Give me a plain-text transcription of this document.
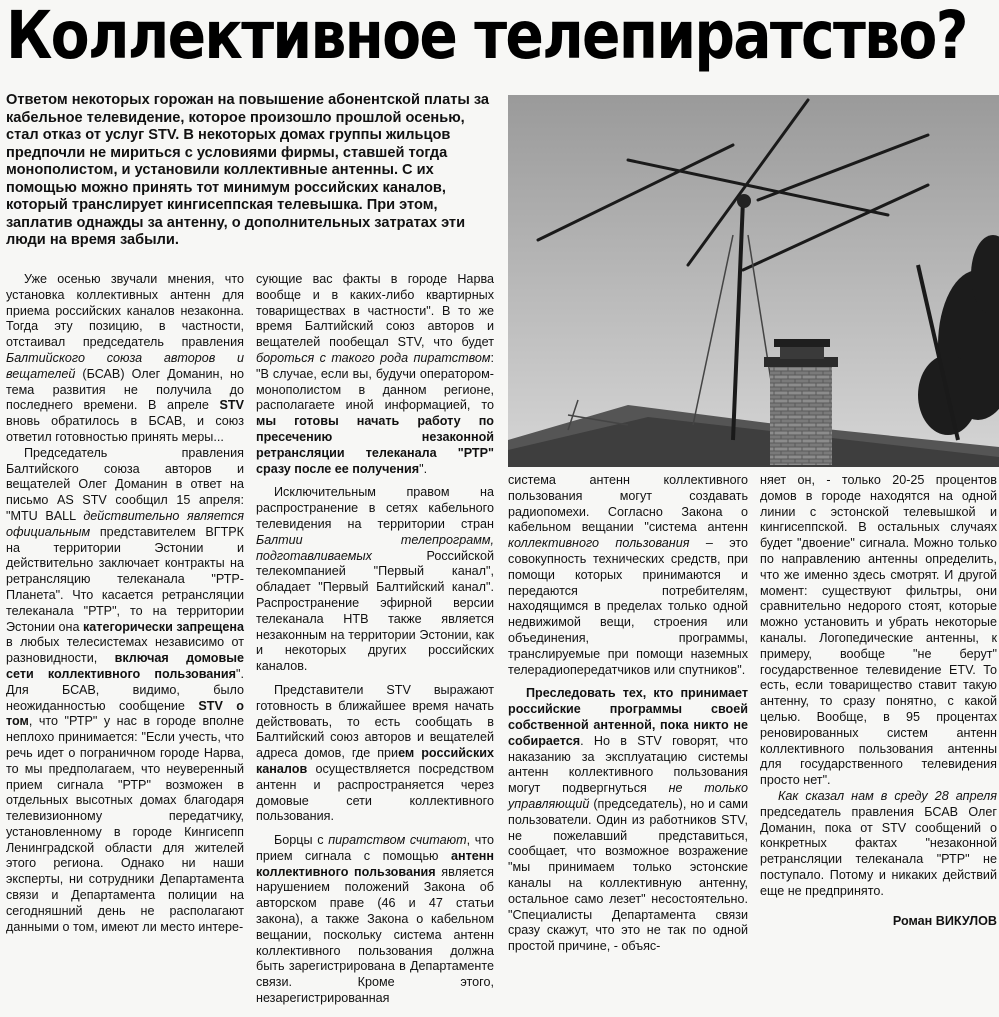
Коллективное телепиратство?
Ответом некоторых горожан на повышение абонентской платы за кабельное телевидение, которое произошло прошлой осенью, стал отказ от услуг STV. В некоторых домах группы жильцов предпочли не мириться с условиями фирмы, ставшей тогда монополистом, и установили коллективные антенны. С их помощью можно принять тот минимум российских каналов, который транслирует кингисеппская телевышка. При этом, заплатив однажды за антенну, о дополнительных затратах эти люди на время забыли.

Уже осенью звучали мнения, что установка коллективных антенн для приема российских каналов незаконна. Тогда эту позицию, в частности, отстаивал председатель правления Балтийского союза авторов и вещателей (БСАВ) Олег Доманин, но тема развития не получила до последнего времени. В апреле STV вновь обратилось в БСАВ, и союз ответил готовностью принять меры...

Председатель правления Балтийского союза авторов и вещателей Олег Доманин в ответ на письмо AS STV сообщил 15 апреля: "MTU BALL действительно является официальным представителем ВГТРК на территории Эстонии и действительно заключает контракты на ретрансляцию телеканала "РТР-Планета". Что касается ретрансляции телеканала "РТР", то на территории Эстонии она категорически запрещена в любых телесистемах независимо от разновидности, включая домовые сети коллективного пользования". Для БСАВ, видимо, было неожиданностью сообщение STV о том, что "РТР" у нас в городе вполне неплохо принимается: "Если учесть, что речь идет о пограничном городе Нарва, то мы предполагаем, что неуверенный прием сигнала "РТР" возможен в отдельных высотных домах благодаря телевизионному передатчику, установленному в городе Кингисепп Ленинградской области для жителей этого региона. Однако ни наши эксперты, ни сотрудники Департамента связи и Департамента полиции на сегодняшний день не располагают данными о том, имеют ли место интере-

сующие вас факты в городе Нарва вообще и в каких-либо квартирных товариществах в частности". В то же время Балтийский союз авторов и вещателей пообещал STV, что будет бороться с такого рода пиратством: "В случае, если вы, будучи оператором-монополистом в данном регионе, располагаете иной информацией, то мы готовы начать работу по пресечению незаконной ретрансляции телеканала "РТР" сразу после ее получения".

Исключительным правом на распространение в сетях кабельного телевидения на территории стран Балтии телепрограмм, подготавливаемых Российской телекомпанией "Первый канал", обладает "Первый Балтийский канал". Распространение эфирной версии телеканала НТВ также является незаконным на территории Эстонии, как и некоторых других российских каналов.

Представители STV выражают готовность в ближайшее время начать действовать, то есть сообщать в Балтийский союз авторов и вещателей адреса домов, где прием российских каналов осуществляется посредством антенн и распространяется через домовые сети коллективного пользования.

Борцы с пиратством считают, что прием сигнала с помощью антенн коллективного пользования является нарушением положений Закона об авторском праве (46 и 47 статьи закона), а также Закона о кабельном вещании, поскольку система антенн коллективного пользования должна быть зарегистрирована в Департаменте связи. Кроме этого, незарегистрированная

система антенн коллективного пользования могут создавать радиопомехи. Согласно Закона о кабельном вещании "система антенн коллективного пользования – это совокупность технических средств, при помощи которых принимаются и передаются потребителям, находящимся в пределах только одной недвижимой вещи, строения или объединения, программы, транслируемые при помощи наземных телерадиопередатчиков или спутников".

Преследовать тех, кто принимает российские программы своей собственной антенной, пока никто не собирается. Но в STV говорят, что наказанию за эксплуатацию системы антенн коллективного пользования могут подвергнуться не только управляющий (председатель), но и сами пользователи. Один из работников STV, не пожелавший представиться, сообщает, что возможное возражение "мы принимаем только эстонские каналы на коллективную антенну, остальное само лезет" несостоятельно. "Специалисты Департамента связи сразу скажут, что это не так по одной простой причине, - объяс-

няет он, - только 20-25 процентов домов в городе находятся на одной линии с эстонской телевышкой и кингисеппской. В остальных случаях будет "двоение" сигнала. Можно только по направлению антенны определить, что же именно здесь смотрят. И другой момент: существуют фильтры, они сравнительно недорого стоят, которые можно установить и убрать некоторые каналы. Логопедические антенны, к примеру, вообще "не берут" государственное телевидение ETV. То есть, если товарищество ставит такую антенну, то сразу понятно, с какой целью. Вообще, в 95 процентах реновированных систем антенн коллективного пользования антенны для государственного телевидения просто нет".

Как сказал нам в среду 28 апреля председатель правления БСАВ Олег Доманин, пока от STV сообщений о конкретных фактах "незаконной ретрансляции телеканала "РТР" не поступало. Потому и никаких действий еще не предпринято.

Роман ВИКУЛОВ
